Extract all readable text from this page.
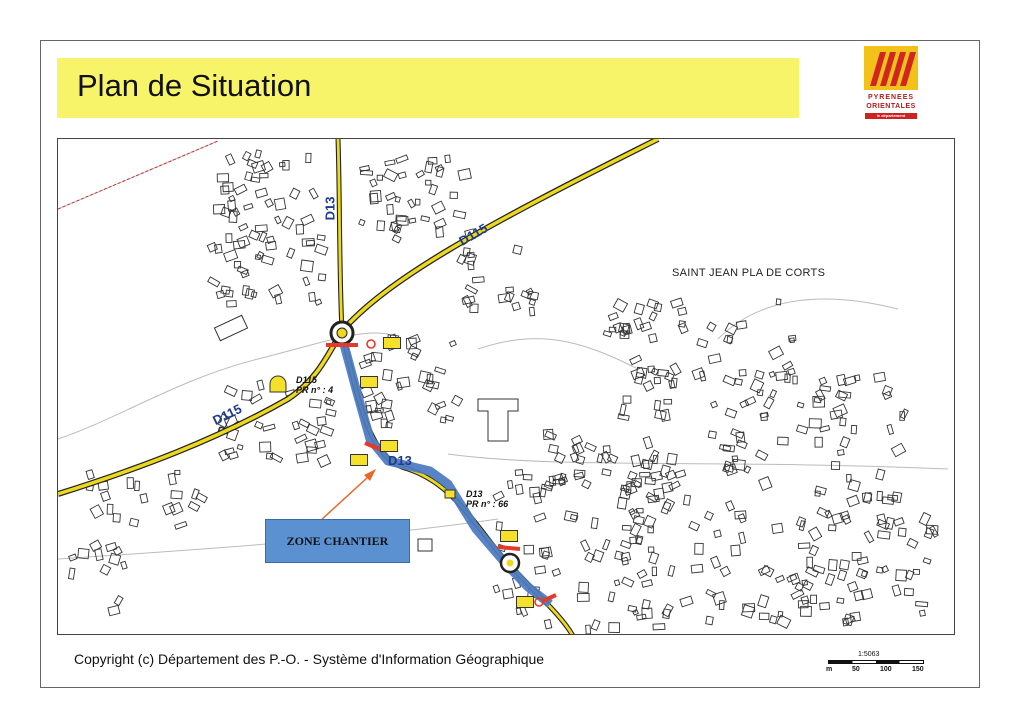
Plan de Situation	PYRENEES
ORIENTALES
le département
SAINT JEAN PLA DE CORTS
D115
D115
D13
D13
D115
PR n° : 4
D13
PR n° : 66
ZONE CHANTIER
Copyright (c) Département des P.-O. - Système d'Information Géographique	1:5063
m	50	100	150
